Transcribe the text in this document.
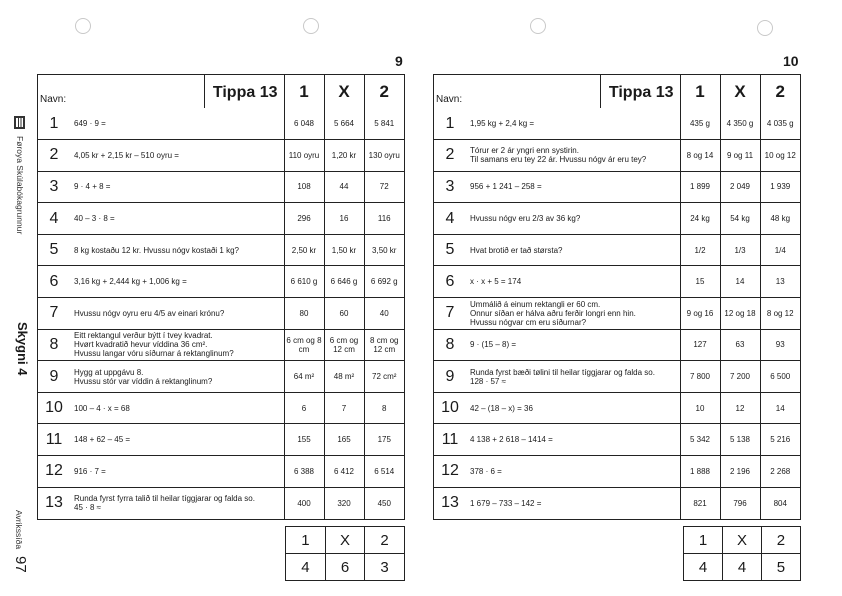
Føroya Skúlabókagrunnur
Skygni 4
Avrikssíða
97
9	10
Navn:	Tippa 13	1	X	2
1	649 · 9 =	6 048	5 664	5 841
2	4,05 kr + 2,15 kr – 510 oyru =	110 oyru	1,20 kr	130 oyru
3	9 · 4 + 8 =	108	44	72
4	40 – 3 · 8 =	296	16	116
5	8 kg kostaðu 12 kr. Hvussu nógv kostaði 1 kg?	2,50 kr	1,50 kr	3,50 kr
6	3,16 kg + 2,444 kg + 1,006 kg =	6 610 g	6 646 g	6 692 g
7	Hvussu nógv oyru eru 4/5 av einari krónu?	80	60	40
8	Eitt rektangul verður býtt í tvey kvadrat.
Hvørt kvadratið hevur víddina 36 cm².
Hvussu langar vóru síðurnar á rektanglinum?	6 cm og 8 cm	6 cm og 12 cm	8 cm og 12 cm
9	Hygg at uppgávu 8.
Hvussu stór var víddin á rektanglinum?	64 m²	48 m²	72 cm²
10	100 – 4 · x = 68	6	7	8
11	148 + 62 – 45 =	155	165	175
12	916 · 7 =	6 388	6 412	6 514
13	Runda fyrst fyrra talið til heilar tíggjarar og falda so.
45 · 8 ≈	400	320	450
Navn:	Tippa 13	1	X	2
1	1,95 kg + 2,4 kg =	435 g	4 350 g	4 035 g
2	Tórur er 2 ár yngri enn systirin.
Til samans eru tey 22 ár. Hvussu nógv ár eru tey?	8 og 14	9 og 11	10 og 12
3	956 + 1 241 – 258 =	1 899	2 049	1 939
4	Hvussu nógv eru 2/3 av 36 kg?	24 kg	54 kg	48 kg
5	Hvat brotið er tað størsta?	1/2	1/3	1/4
6	x · x + 5 = 174	15	14	13
7	Ummálið á einum rektangli er 60 cm.
Onnur síðan er hálva aðru ferðir longri enn hin.
Hvussu nógvar cm eru síðurnar?	9 og 16	12 og 18	8 og 12
8	9 · (15 – 8) =	127	63	93
9	Runda fyrst bæði tølini til heilar tíggjarar og falda so.
128 · 57 ≈	7 800	7 200	6 500
10	42 – (18 – x) = 36	10	12	14
11	4 138 + 2 618 – 1414 =	5 342	5 138	5 216
12	378 · 6 =	1 888	2 196	2 268
13	1 679 – 733 – 142 =	821	796	804
1	X	2
4	6	3
1	X	2
4	4	5
